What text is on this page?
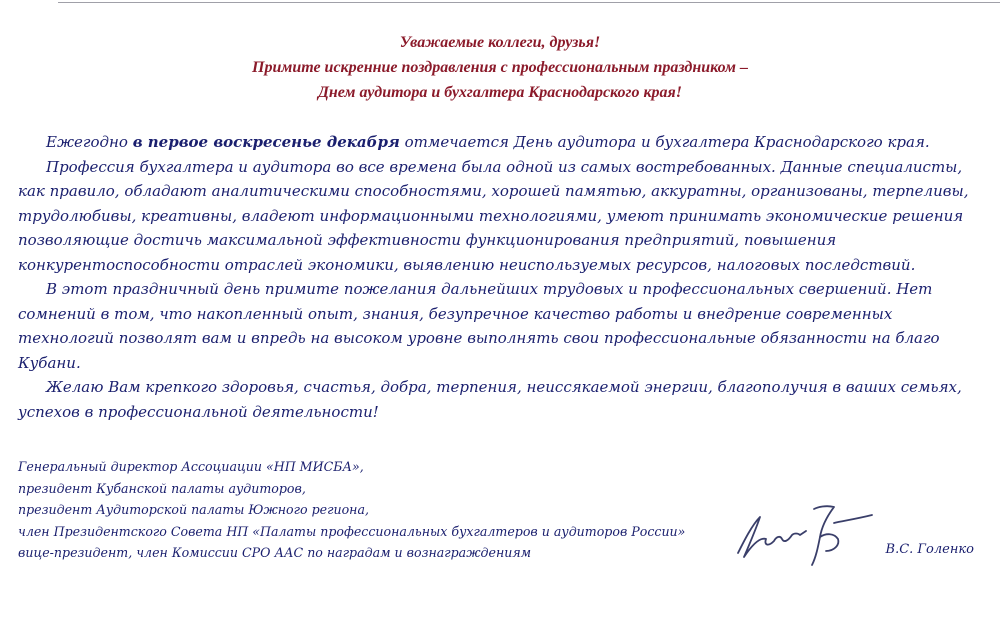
Уважаемые коллеги, друзья!
Примите искренние поздравления с профессиональным праздником –
Днем аудитора и бухгалтера Краснодарского края!

Ежегодно в первое воскресенье декабря отмечается День аудитора и бухгалтера Краснодарского края.

Профессия бухгалтера и аудитора во все времена была одной из самых востребованных. Данные специалисты, как правило, обладают аналитическими способностями, хорошей памятью, аккуратны, организованы, терпеливы, трудолюбивы, креативны, владеют информационными технологиями, умеют принимать экономические решения позволяющие достичь максимальной эффективности функционирования предприятий, повышения конкурентоспособности отраслей экономики, выявлению неиспользуемых ресурсов, налоговых последствий.

В этот праздничный день примите пожелания дальнейших трудовых и профессиональных свершений. Нет сомнений в том, что накопленный опыт, знания, безупречное качество работы и внедрение современных технологий позволят вам и впредь на высоком уровне выполнять свои профессиональные обязанности на благо Кубани.

Желаю Вам крепкого здоровья, счастья, добра, терпения, неиссякаемой энергии, благополучия в ваших семьях, успехов в профессиональной деятельности!

Генеральный директор Ассоциации «НП МИСБА»,
президент Кубанской палаты аудиторов,
президент Аудиторской палаты Южного региона,
член Президентского Совета НП «Палаты профессиональных бухгалтеров и аудиторов России»
вице-президент, член Комиссии СРО ААС по наградам и вознаграждениям	В.С. Голенко
